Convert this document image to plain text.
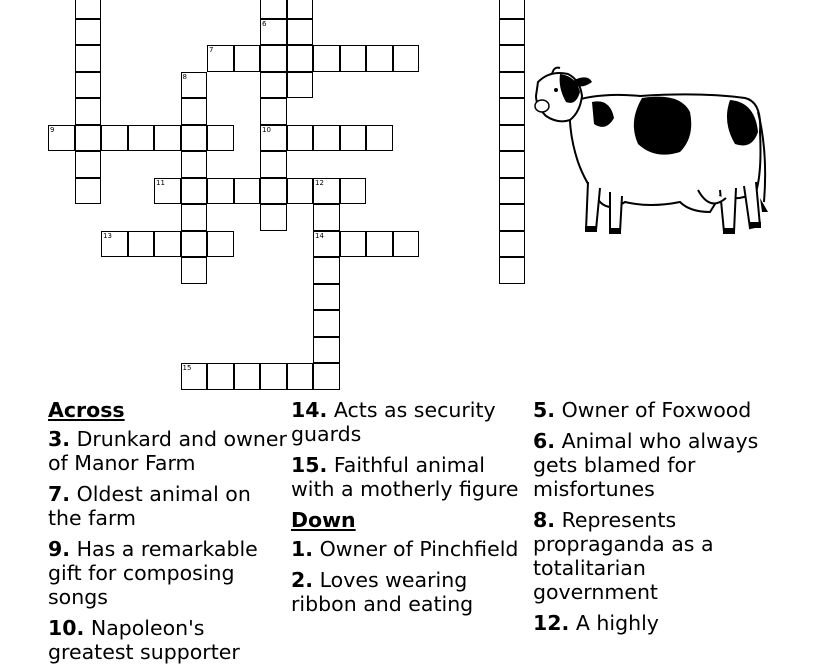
6
10
7
8
9
11	12
14
13
15
Across
3. Drunkard and owner of Manor Farm
7. Oldest animal on the farm
9. Has a remarkable gift for composing songs
10. Napoleon's greatest supporter
14. Acts as security guards
15. Faithful animal with a motherly figure
Down
1. Owner of Pinchfield
2. Loves wearing ribbon and eating
5. Owner of Foxwood
6. Animal who always gets blamed for misfortunes
8. Represents propraganda as a totalitarian government
12. A highly
